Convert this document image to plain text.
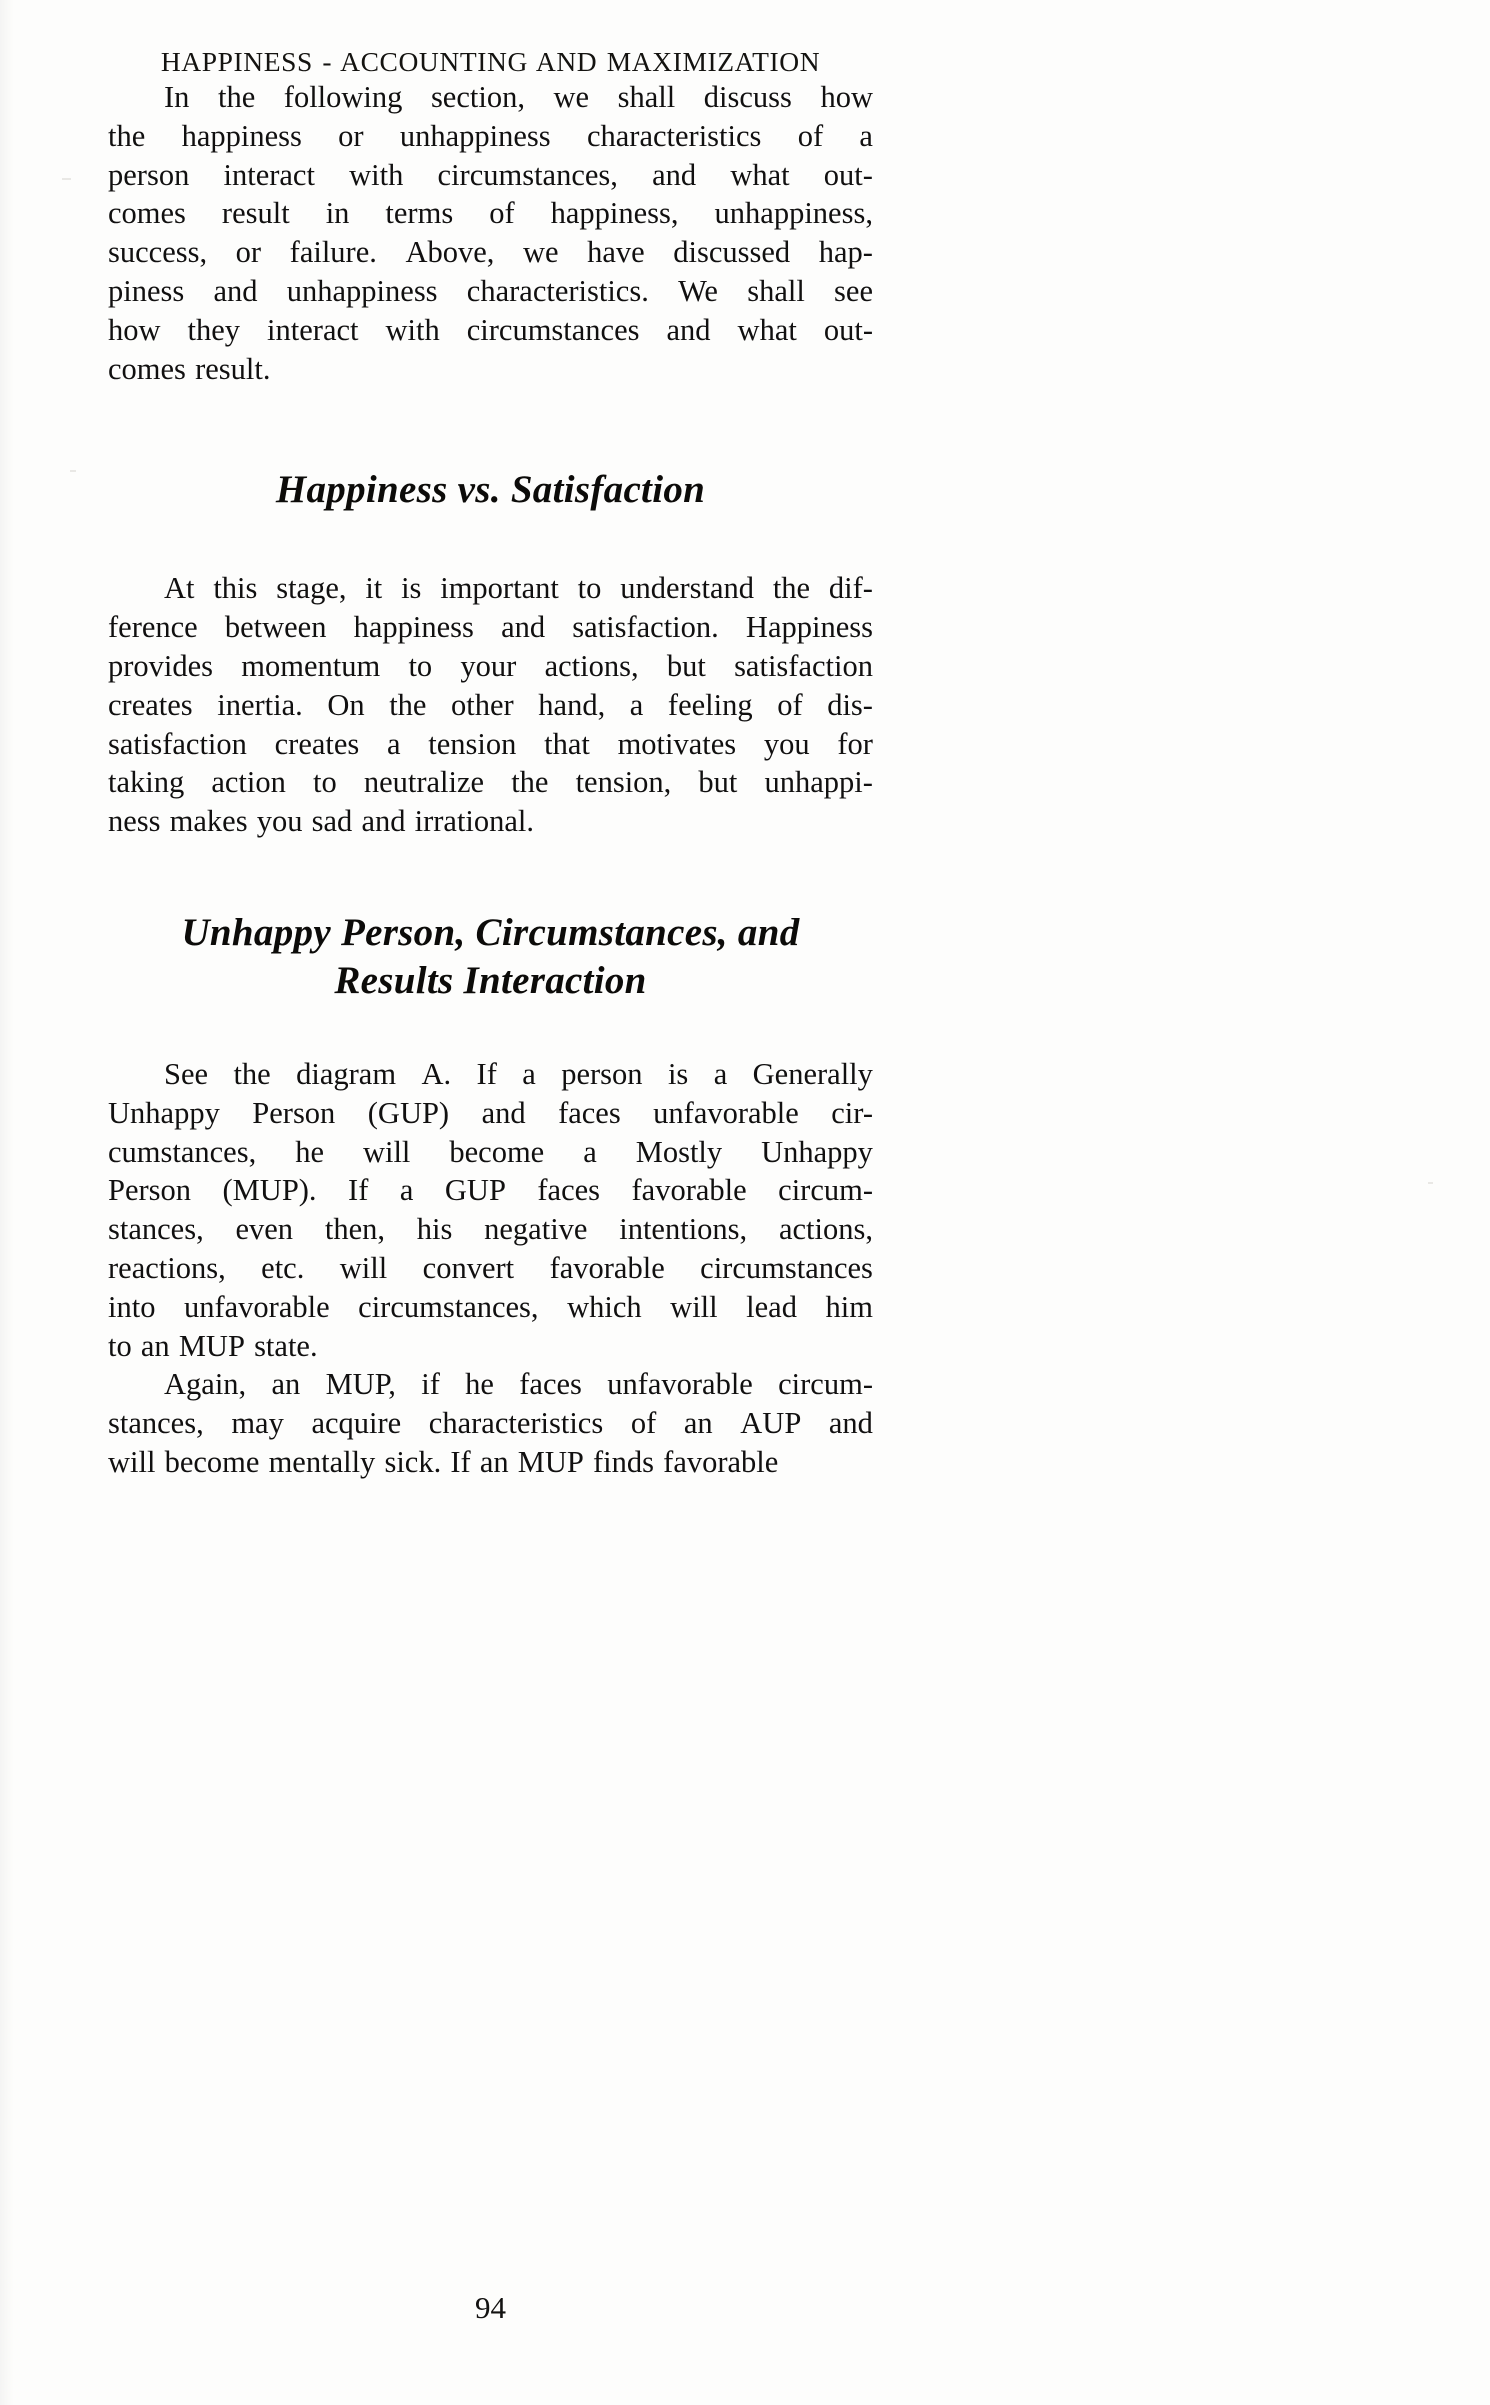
HAPPINESS - ACCOUNTING AND MAXIMIZATION
In the following section, we shall discuss how
the happiness or unhappiness characteristics of a
person interact with circumstances, and what out-
comes result in terms of happiness, unhappiness,
success, or failure. Above, we have discussed hap-
piness and unhappiness characteristics. We shall see
how they interact with circumstances and what out-
comes result.
Happiness vs. Satisfaction
At this stage, it is important to understand the dif-
ference between happiness and satisfaction. Happiness
provides momentum to your actions, but satisfaction
creates inertia. On the other hand, a feeling of dis-
satisfaction creates a tension that motivates you for
taking action to neutralize the tension, but unhappi-
ness makes you sad and irrational.
Unhappy Person, Circumstances, and
Results Interaction
See the diagram A. If a person is a Generally
Unhappy Person (GUP) and faces unfavorable cir-
cumstances, he will become a Mostly Unhappy
Person (MUP). If a GUP faces favorable circum-
stances, even then, his negative intentions, actions,
reactions, etc. will convert favorable circumstances
into unfavorable circumstances, which will lead him
to an MUP state.
Again, an MUP, if he faces unfavorable circum-
stances, may acquire characteristics of an AUP and
will become mentally sick. If an MUP finds favorable
94
